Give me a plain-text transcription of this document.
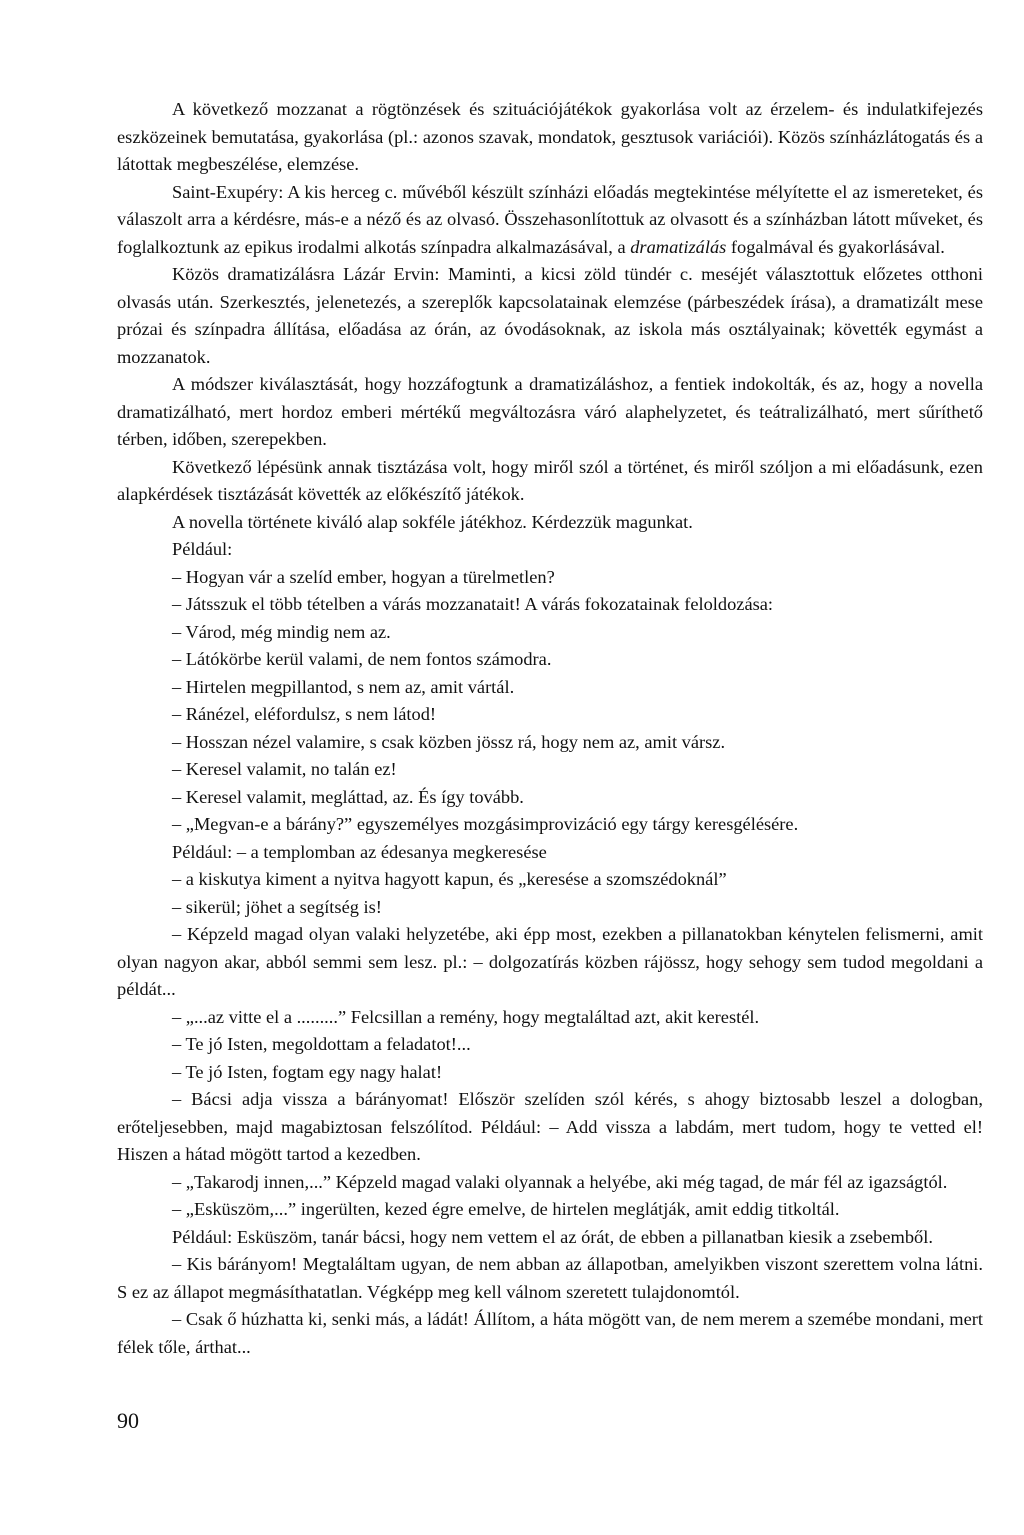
A következő mozzanat a rögtönzések és szituációjátékok gyakorlása volt az érzelem- és indulatkifejezés eszközeinek bemutatása, gyakorlása (pl.: azonos szavak, mondatok, gesztusok variációi). Közös színházlátogatás és a látottak megbeszélése, elemzése.

Saint-Exupéry: A kis herceg c. művéből készült színházi előadás megtekintése mélyítette el az ismereteket, és válaszolt arra a kérdésre, más-e a néző és az olvasó. Összehasonlítottuk az olvasott és a színházban látott műveket, és foglalkoztunk az epikus irodalmi alkotás színpadra alkalmazásával, a dramatizálás fogalmával és gyakorlásával.

Közös dramatizálásra Lázár Ervin: Maminti, a kicsi zöld tündér c. meséjét választottuk előzetes otthoni olvasás után. Szerkesztés, jelenetezés, a szereplők kapcsolatainak elemzése (párbeszédek írása), a dramatizált mese prózai és színpadra állítása, előadása az órán, az óvodásoknak, az iskola más osztályainak; követték egymást a mozzanatok.

A módszer kiválasztását, hogy hozzáfogtunk a dramatizáláshoz, a fentiek indokolták, és az, hogy a novella dramatizálható, mert hordoz emberi mértékű megváltozásra váró alaphelyzetet, és teátralizálható, mert sűríthető térben, időben, szerepekben.

Következő lépésünk annak tisztázása volt, hogy miről szól a történet, és miről szóljon a mi előadásunk, ezen alapkérdések tisztázását követték az előkészítő játékok.

A novella története kiváló alap sokféle játékhoz. Kérdezzük magunkat.

Például:

– Hogyan vár a szelíd ember, hogyan a türelmetlen?

– Játsszuk el több tételben a várás mozzanatait! A várás fokozatainak feloldozása:

– Várod, még mindig nem az.

– Látókörbe kerül valami, de nem fontos számodra.

– Hirtelen megpillantod, s nem az, amit vártál.

– Ránézel, eléfordulsz, s nem látod!

– Hosszan nézel valamire, s csak közben jössz rá, hogy nem az, amit vársz.

– Keresel valamit, no talán ez!

– Keresel valamit, megláttad, az. És így tovább.

– „Megvan-e a bárány?” egyszemélyes mozgásimprovizáció egy tárgy keresgélésére.

Például: – a templomban az édesanya megkeresése

– a kiskutya kiment a nyitva hagyott kapun, és „keresése a szomszédoknál”

– sikerül; jöhet a segítség is!

– Képzeld magad olyan valaki helyzetébe, aki épp most, ezekben a pillanatokban kénytelen felismerni, amit olyan nagyon akar, abból semmi sem lesz. pl.: – dolgozatírás közben rájössz, hogy sehogy sem tudod megoldani a példát...

– „...az vitte el a .........” Felcsillan a remény, hogy megtaláltad azt, akit kerestél.

– Te jó Isten, megoldottam a feladatot!...

– Te jó Isten, fogtam egy nagy halat!

– Bácsi adja vissza a bárányomat! Először szelíden szól kérés, s ahogy biztosabb leszel a dologban, erőteljesebben, majd magabiztosan felszólítod. Például: – Add vissza a labdám, mert tudom, hogy te vetted el! Hiszen a hátad mögött tartod a kezedben.

– „Takarodj innen,...” Képzeld magad valaki olyannak a helyébe, aki még tagad, de már fél az igazságtól.

– „Esküszöm,...” ingerülten, kezed égre emelve, de hirtelen meglátják, amit eddig titkoltál.

Például: Esküszöm, tanár bácsi, hogy nem vettem el az órát, de ebben a pillanatban kiesik a zsebemből.

– Kis bárányom! Megtaláltam ugyan, de nem abban az állapotban, amelyikben viszont szerettem volna látni. S ez az állapot megmásíthatatlan. Végképp meg kell válnom szeretett tulajdonomtól.

– Csak ő húzhatta ki, senki más, a ládát! Állítom, a háta mögött van, de nem merem a szemébe mondani, mert félek tőle, árthat...

90
